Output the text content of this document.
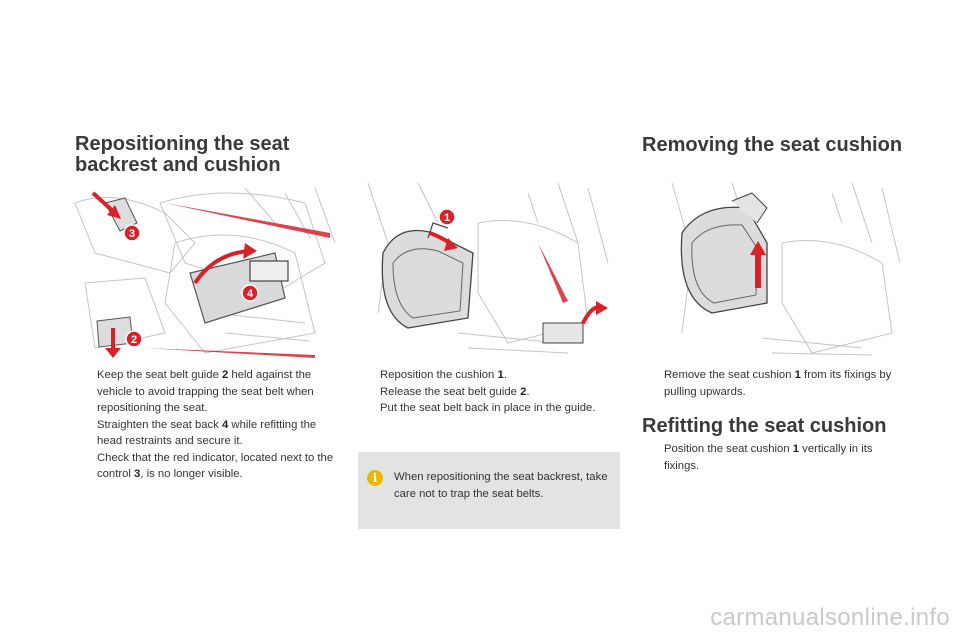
Repositioning the seat backrest and cushion
Removing the seat cushion
Refitting the seat cushion
3
4
2
1
Keep the seat belt guide 2 held against the vehicle to avoid trapping the seat belt when repositioning the seat.
Straighten the seat back 4 while refitting the head restraints and secure it.
Check that the red indicator, located next to the control 3, is no longer visible.
Reposition the cushion 1.
Release the seat belt guide 2.
Put the seat belt back in place in the guide.
i	When repositioning the seat backrest, take care not to trap the seat belts.
Remove the seat cushion 1 from its fixings by pulling upwards.
Position the seat cushion 1 vertically in its fixings.
carmanualsonline.info
